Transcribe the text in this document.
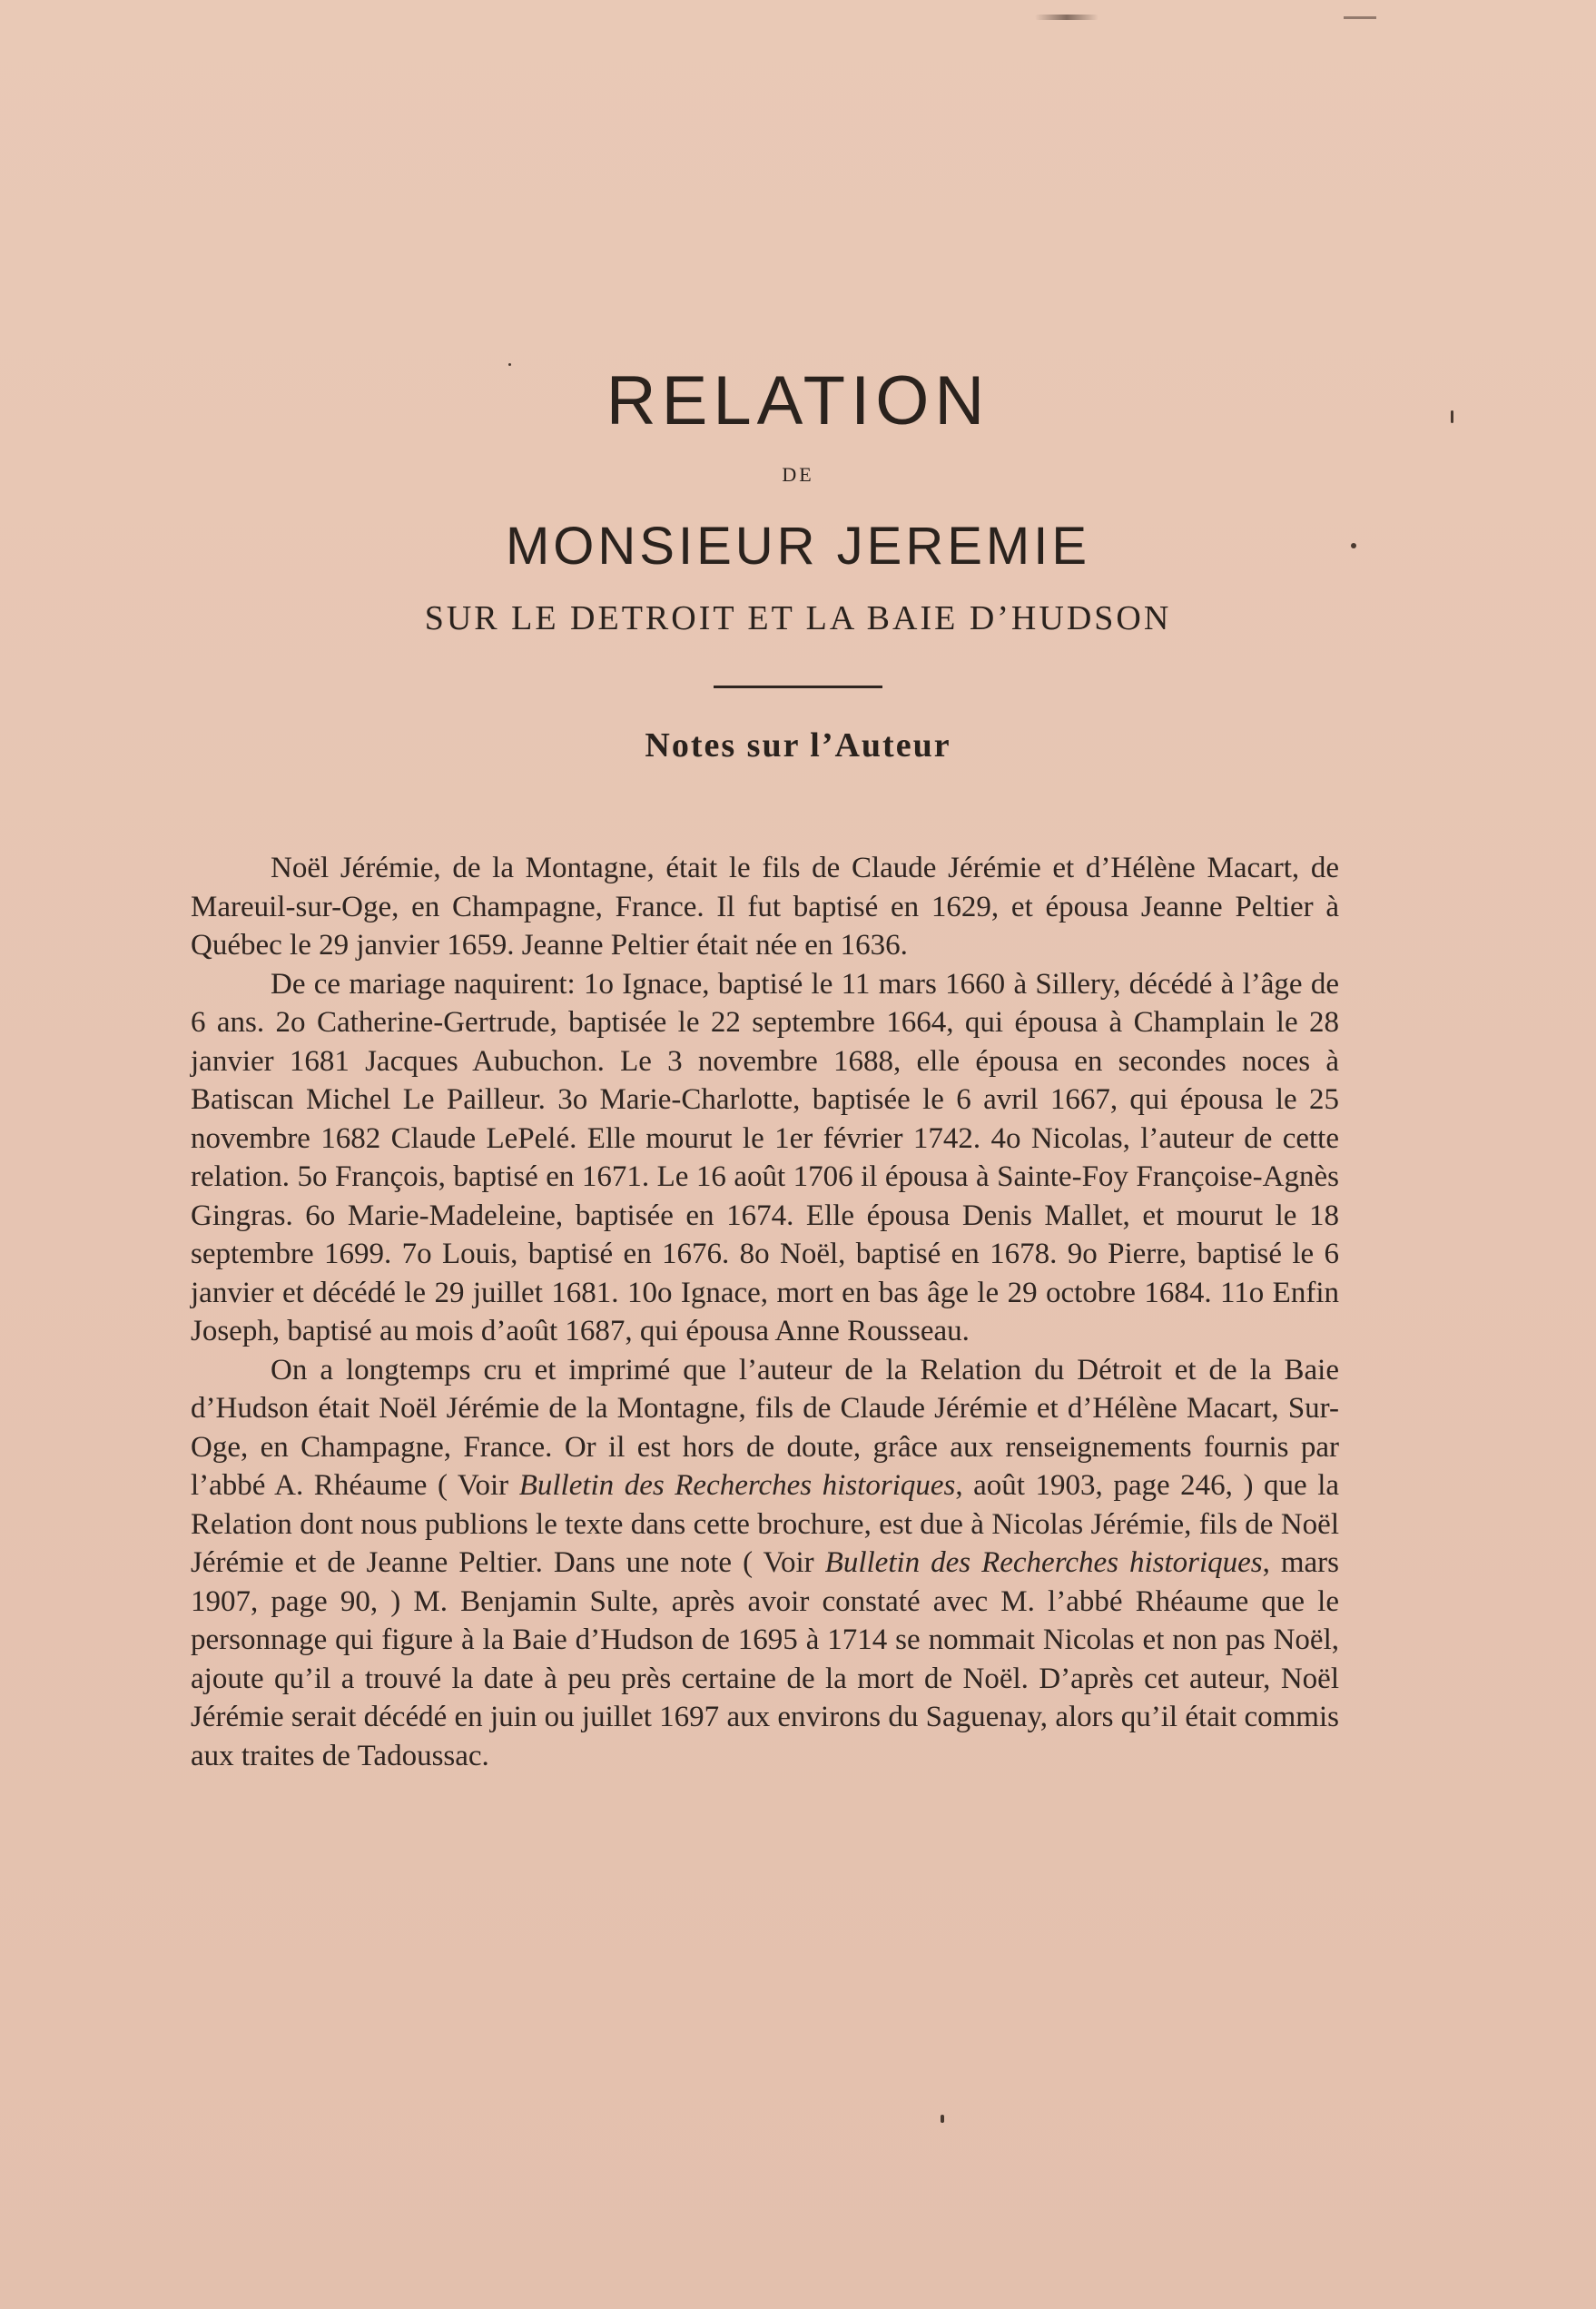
RELATION
DE
MONSIEUR JEREMIE
SUR LE DETROIT ET LA BAIE D’HUDSON
Notes sur l’Auteur

Noël Jérémie, de la Montagne, était le fils de Claude Jérémie et d’Hélène Macart, de Mareuil-sur-Oge, en Champagne, France. Il fut baptisé en 1629, et épousa Jeanne Peltier à Québec le 29 janvier 1659. Jeanne Peltier était née en 1636.

De ce mariage naquirent: 1o Ignace, baptisé le 11 mars 1660 à Sillery, décédé à l’âge de 6 ans. 2o Catherine-Gertrude, baptisée le 22 septembre 1664, qui épousa à Champlain le 28 janvier 1681 Jacques Aubuchon. Le 3 novembre 1688, elle épousa en secondes noces à Batiscan Michel Le Pailleur. 3o Marie-Charlotte, baptisée le 6 avril 1667, qui épousa le 25 novembre 1682 Claude LePelé. Elle mourut le 1er février 1742. 4o Nicolas, l’auteur de cette relation. 5o François, baptisé en 1671. Le 16 août 1706 il épousa à Sainte-Foy Françoise-Agnès Gingras. 6o Marie-Madeleine, baptisée en 1674. Elle épousa Denis Mallet, et mourut le 18 septembre 1699. 7o Louis, baptisé en 1676. 8o Noël, baptisé en 1678. 9o Pierre, baptisé le 6 janvier et décédé le 29 juillet 1681. 10o Ignace, mort en bas âge le 29 octobre 1684. 11o Enfin Joseph, baptisé au mois d’août 1687, qui épousa Anne Rousseau.

On a longtemps cru et imprimé que l’auteur de la Relation du Détroit et de la Baie d’Hudson était Noël Jérémie de la Montagne, fils de Claude Jérémie et d’Hélène Macart, Sur-Oge, en Champagne, France. Or il est hors de doute, grâce aux renseignements fournis par l’abbé A. Rhéaume ( Voir Bulletin des Recherches historiques, août 1903, page 246, ) que la Relation dont nous publions le texte dans cette brochure, est due à Nicolas Jérémie, fils de Noël Jérémie et de Jeanne Peltier. Dans une note ( Voir Bulletin des Recherches historiques, mars 1907, page 90, ) M. Benjamin Sulte, après avoir constaté avec M. l’abbé Rhéaume que le personnage qui figure à la Baie d’Hudson de 1695 à 1714 se nommait Nicolas et non pas Noël, ajoute qu’il a trouvé la date à peu près certaine de la mort de Noël. D’après cet auteur, Noël Jérémie serait décédé en juin ou juillet 1697 aux environs du Saguenay, alors qu’il était commis aux traites de Tadoussac.
